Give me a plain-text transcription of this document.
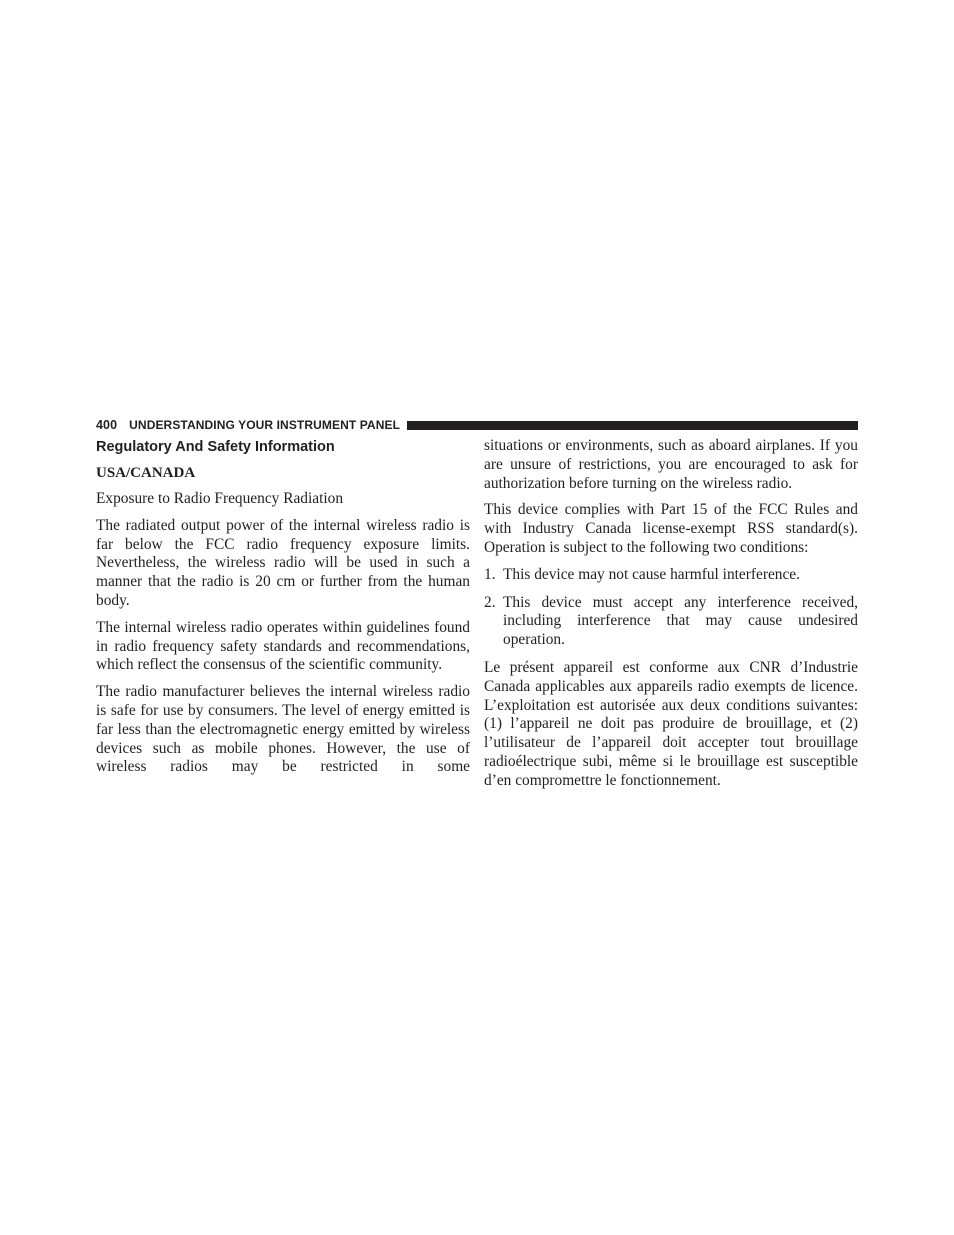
400 UNDERSTANDING YOUR INSTRUMENT PANEL
Regulatory And Safety Information
USA/CANADA

Exposure to Radio Frequency Radiation

The radiated output power of the internal wireless radio is far below the FCC radio frequency exposure limits. Nevertheless, the wireless radio will be used in such a manner that the radio is 20 cm or further from the human body.

The internal wireless radio operates within guidelines found in radio frequency safety standards and recommendations, which reflect the consensus of the scientific community.

The radio manufacturer believes the internal wireless radio is safe for use by consumers. The level of energy emitted is far less than the electromagnetic energy emitted by wireless devices such as mobile phones. However, the use of wireless radios may be restricted in some

situations or environments, such as aboard airplanes. If you are unsure of restrictions, you are encouraged to ask for authorization before turning on the wireless radio.

This device complies with Part 15 of the FCC Rules and with Industry Canada license-exempt RSS standard(s). Operation is subject to the following two conditions:

1. This device may not cause harmful interference.
2. This device must accept any interference received, including interference that may cause undesired operation.

Le présent appareil est conforme aux CNR d’Industrie Canada applicables aux appareils radio exempts de licence. L’exploitation est autorisée aux deux conditions suivantes: (1) l’appareil ne doit pas produire de brouillage, et (2) l’utilisateur de l’appareil doit accepter tout brouillage radioélectrique subi, même si le brouillage est susceptible d’en compromettre le fonctionnement.
